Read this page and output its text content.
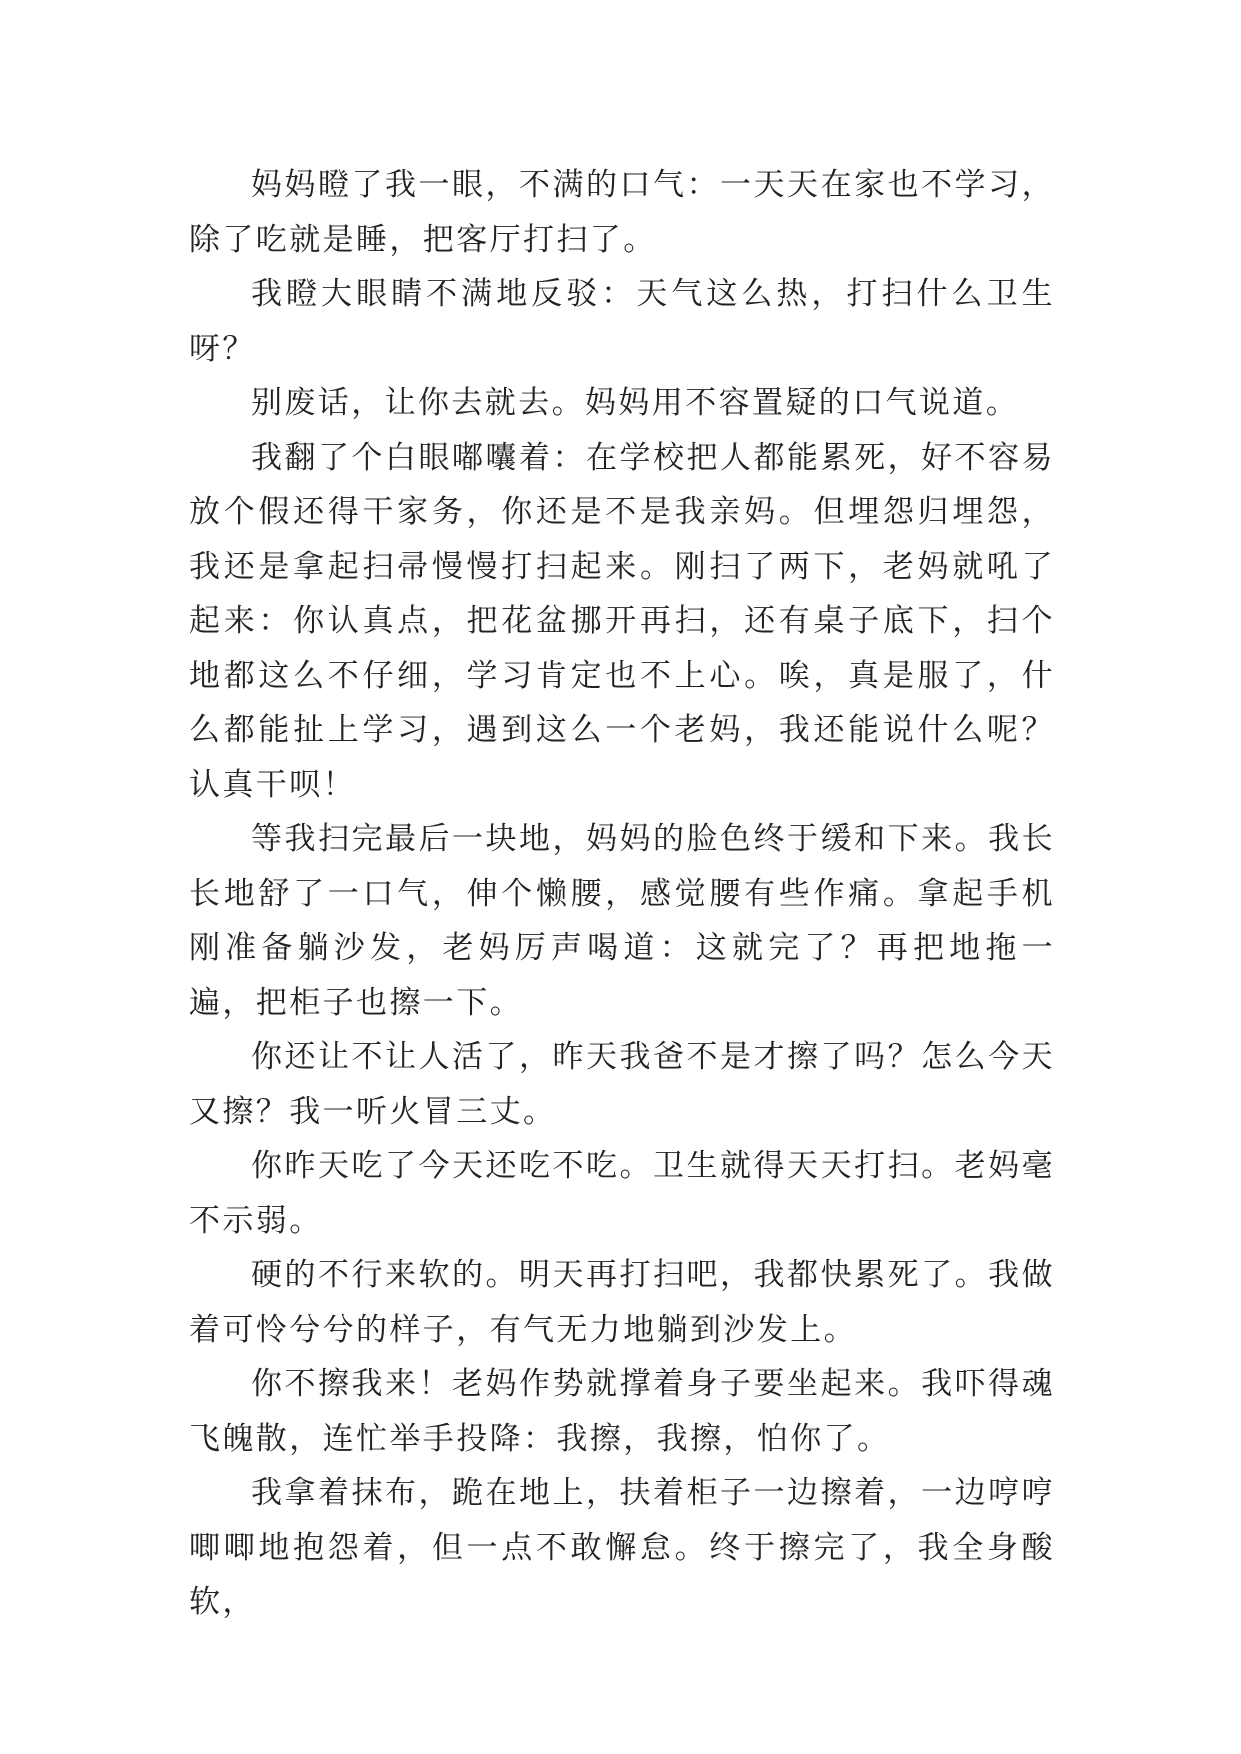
妈妈瞪了我一眼，不满的口气：一天天在家也不学习，除了吃就是睡，把客厅打扫了。

我瞪大眼睛不满地反驳：天气这么热，打扫什么卫生呀？

别废话，让你去就去。妈妈用不容置疑的口气说道。

我翻了个白眼嘟囔着：在学校把人都能累死，好不容易放个假还得干家务，你还是不是我亲妈。但埋怨归埋怨，我还是拿起扫帚慢慢打扫起来。刚扫了两下，老妈就吼了起来：你认真点，把花盆挪开再扫，还有桌子底下，扫个地都这么不仔细，学习肯定也不上心。唉，真是服了，什么都能扯上学习，遇到这么一个老妈，我还能说什么呢？认真干呗！

等我扫完最后一块地，妈妈的脸色终于缓和下来。我长长地舒了一口气，伸个懒腰，感觉腰有些作痛。拿起手机刚准备躺沙发，老妈厉声喝道：这就完了？再把地拖一遍，把柜子也擦一下。

你还让不让人活了，昨天我爸不是才擦了吗？怎么今天又擦？我一听火冒三丈。

你昨天吃了今天还吃不吃。卫生就得天天打扫。老妈毫不示弱。

硬的不行来软的。明天再打扫吧，我都快累死了。我做着可怜兮兮的样子，有气无力地躺到沙发上。

你不擦我来！老妈作势就撑着身子要坐起来。我吓得魂飞魄散，连忙举手投降：我擦，我擦，怕你了。

我拿着抹布，跪在地上，扶着柜子一边擦着，一边哼哼唧唧地抱怨着，但一点不敢懈怠。终于擦完了，我全身酸软，
